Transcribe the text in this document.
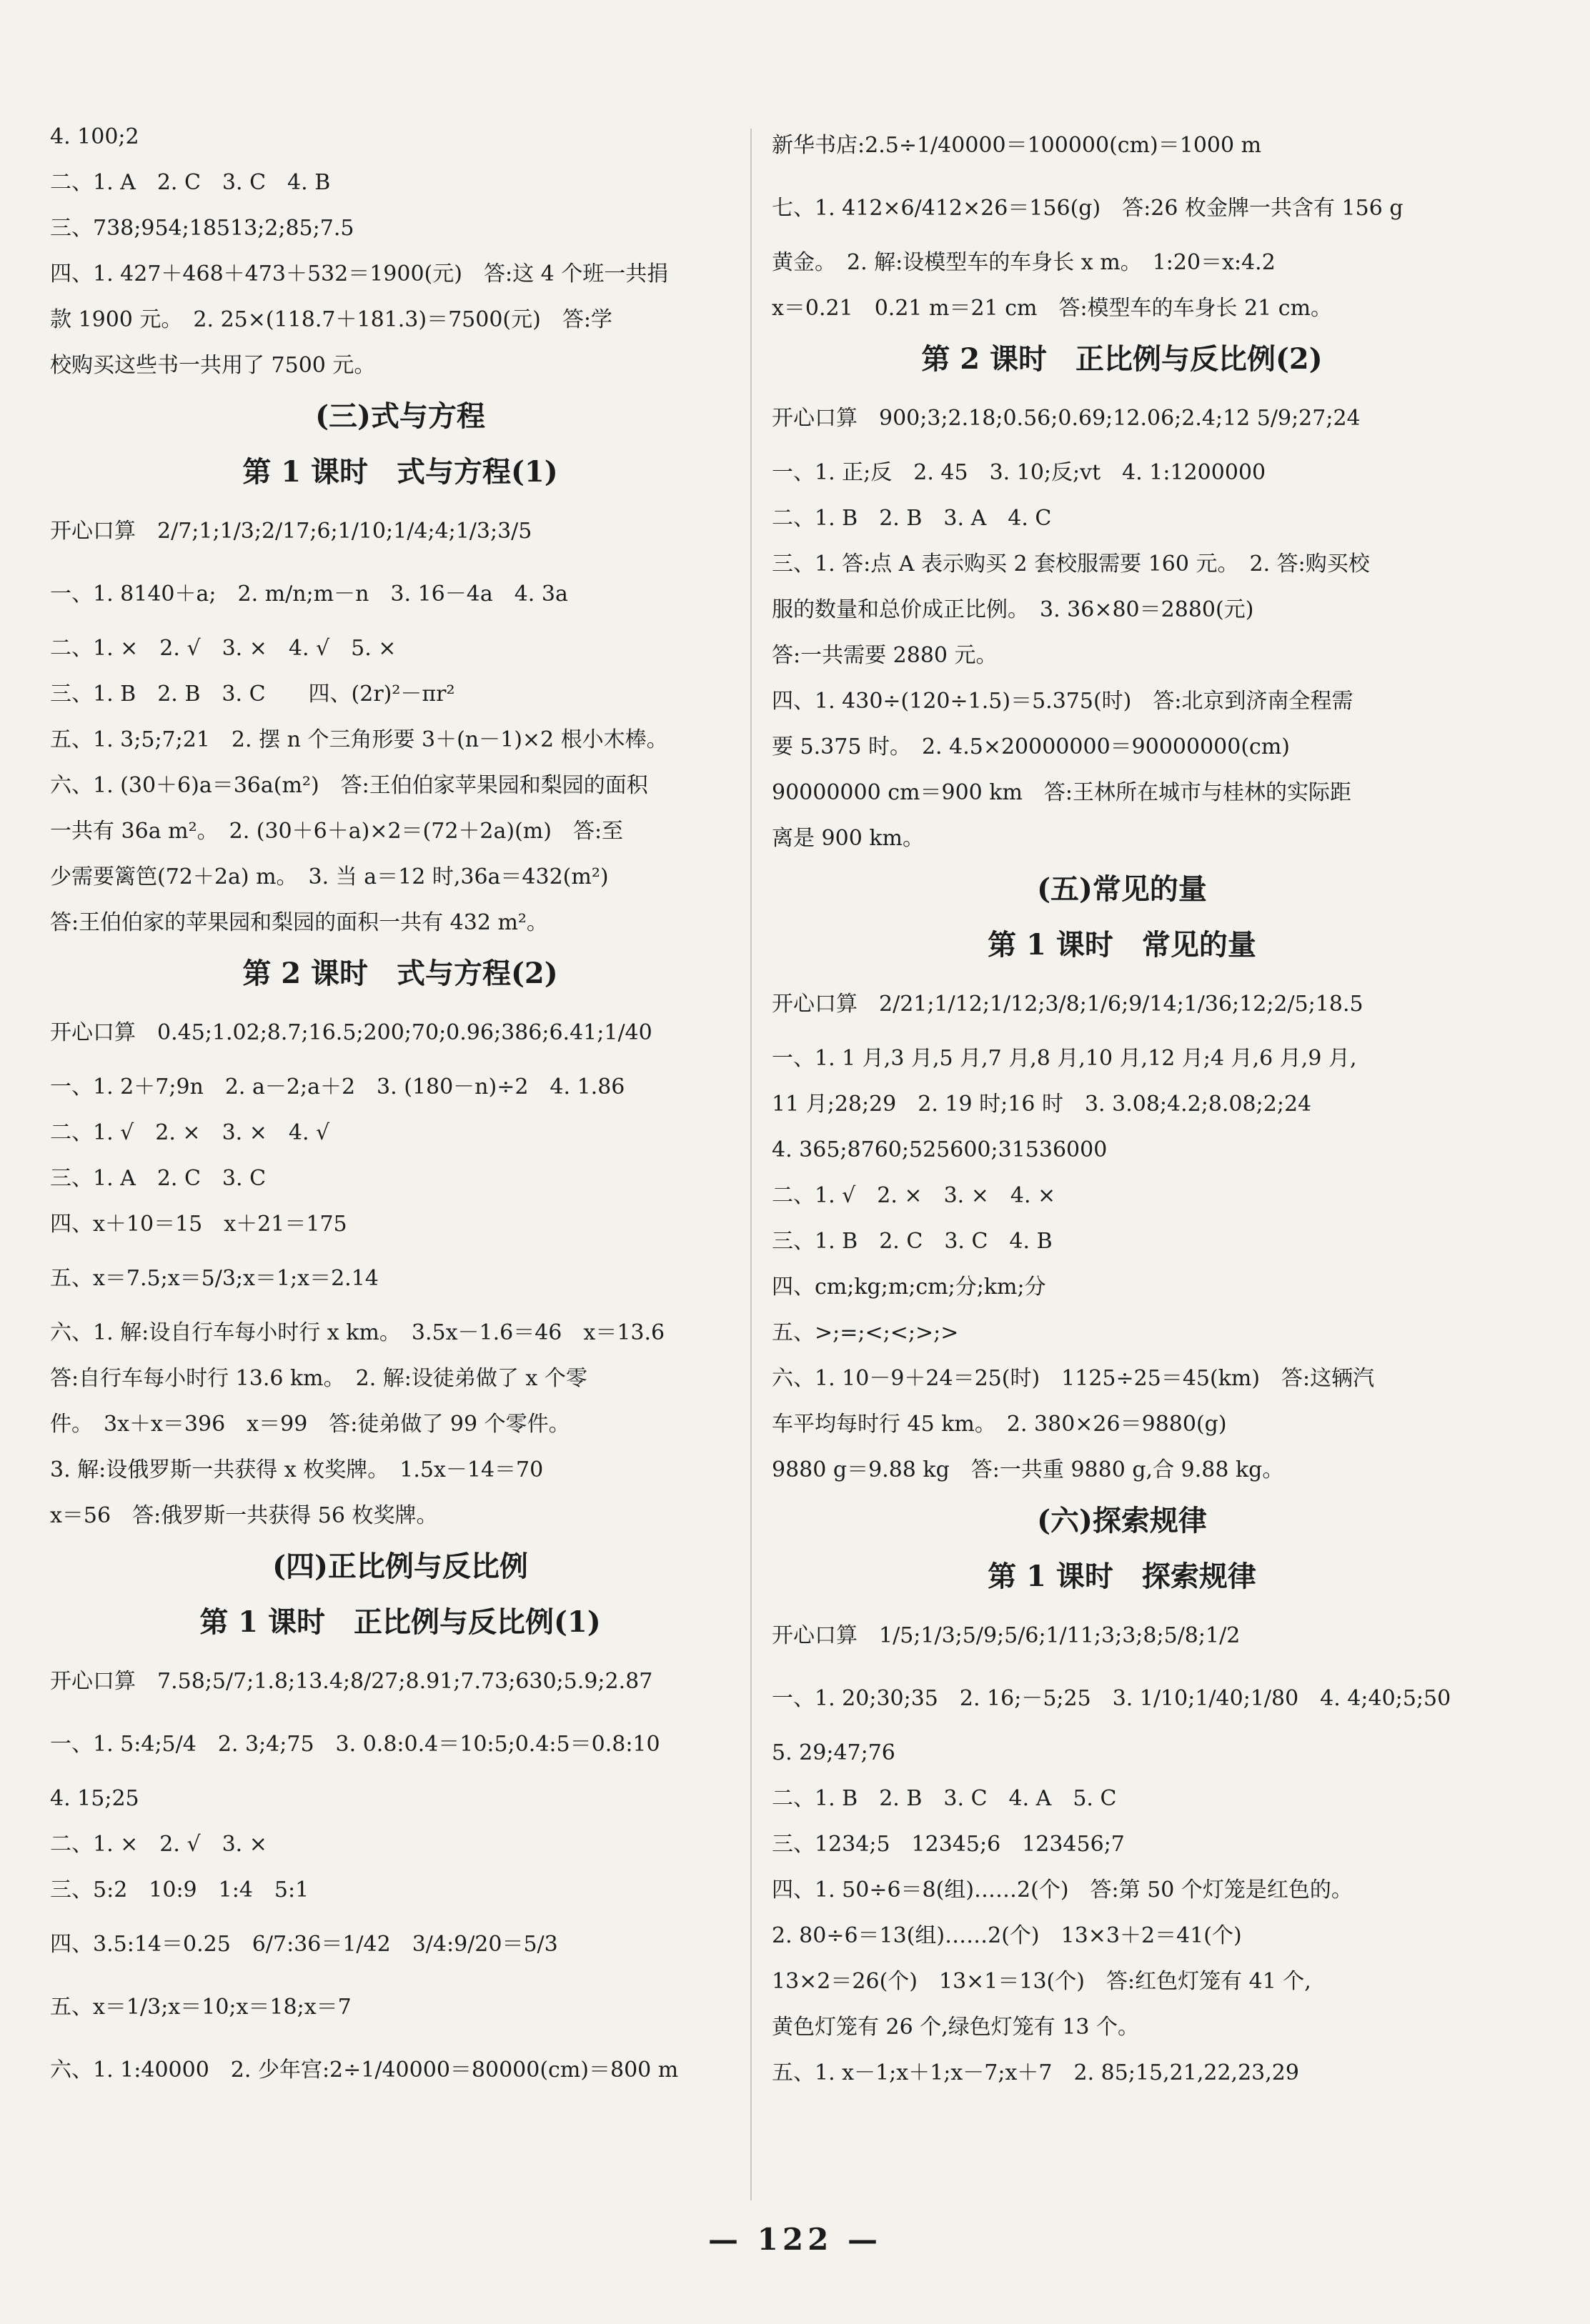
4. 100;2
二、1. A　2. C　3. C　4. B
三、738;954;18513;2;85;7.5
四、1. 427＋468＋473＋532＝1900(元)　答:这 4 个班一共捐
款 1900 元。　2. 25×(118.7＋181.3)＝7500(元)　答:学
校购买这些书一共用了 7500 元。
(三)式与方程
第 1 课时　式与方程(1)
开心口算　2/7;1;1/3;2/17;6;1/10;1/4;4;1/3;3/5
一、1. 8140＋a;　2. m/n;m－n　3. 16－4a　4. 3a
二、1. ×　2. √　3. ×　4. √　5. ×
三、1. B　2. B　3. C　　四、(2r)²－πr²
五、1. 3;5;7;21　2. 摆 n 个三角形要 3＋(n－1)×2 根小木棒。
六、1. (30＋6)a＝36a(m²)　答:王伯伯家苹果园和梨园的面积
一共有 36a m²。　2. (30＋6＋a)×2＝(72＋2a)(m)　答:至
少需要篱笆(72＋2a) m。　3. 当 a＝12 时,36a＝432(m²)
答:王伯伯家的苹果园和梨园的面积一共有 432 m²。
第 2 课时　式与方程(2)
开心口算　0.45;1.02;8.7;16.5;200;70;0.96;386;6.41;1/40
一、1. 2＋7;9n　2. a－2;a＋2　3. (180－n)÷2　4. 1.86
二、1. √　2. ×　3. ×　4. √
三、1. A　2. C　3. C
四、x＋10＝15　x＋21＝175
五、x＝7.5;x＝5/3;x＝1;x＝2.14
六、1. 解:设自行车每小时行 x km。　3.5x－1.6＝46　x＝13.6
答:自行车每小时行 13.6 km。　2. 解:设徒弟做了 x 个零
件。　3x＋x＝396　x＝99　答:徒弟做了 99 个零件。
3. 解:设俄罗斯一共获得 x 枚奖牌。　1.5x－14＝70
x＝56　答:俄罗斯一共获得 56 枚奖牌。
(四)正比例与反比例
第 1 课时　正比例与反比例(1)
开心口算　7.58;5/7;1.8;13.4;8/27;8.91;7.73;630;5.9;2.87
一、1. 5:4;5/4　2. 3;4;75　3. 0.8:0.4＝10:5;0.4:5＝0.8:10
4. 15;25
二、1. ×　2. √　3. ×
三、5:2　10:9　1:4　5:1
四、3.5:14＝0.25　6/7:36＝1/42　3/4:9/20＝5/3
五、x＝1/3;x＝10;x＝18;x＝7
六、1. 1:40000　2. 少年宫:2÷1/40000＝80000(cm)＝800 m
新华书店:2.5÷1/40000＝100000(cm)＝1000 m
七、1. 412×6/412×26＝156(g)　答:26 枚金牌一共含有 156 g
黄金。　2. 解:设模型车的车身长 x m。　1:20＝x:4.2
x＝0.21　0.21 m＝21 cm　答:模型车的车身长 21 cm。
第 2 课时　正比例与反比例(2)
开心口算　900;3;2.18;0.56;0.69;12.06;2.4;12 5/9;27;24
一、1. 正;反　2. 45　3. 10;反;vt　4. 1:1200000
二、1. B　2. B　3. A　4. C
三、1. 答:点 A 表示购买 2 套校服需要 160 元。　2. 答:购买校
服的数量和总价成正比例。　3. 36×80＝2880(元)
答:一共需要 2880 元。
四、1. 430÷(120÷1.5)＝5.375(时)　答:北京到济南全程需
要 5.375 时。　2. 4.5×20000000＝90000000(cm)
90000000 cm＝900 km　答:王林所在城市与桂林的实际距
离是 900 km。
(五)常见的量
第 1 课时　常见的量
开心口算　2/21;1/12;1/12;3/8;1/6;9/14;1/36;12;2/5;18.5
一、1. 1 月,3 月,5 月,7 月,8 月,10 月,12 月;4 月,6 月,9 月,
11 月;28;29　2. 19 时;16 时　3. 3.08;4.2;8.08;2;24
4. 365;8760;525600;31536000
二、1. √　2. ×　3. ×　4. ×
三、1. B　2. C　3. C　4. B
四、cm;kg;m;cm;分;km;分
五、>;=;<;<;>;>
六、1. 10－9＋24＝25(时)　1125÷25＝45(km)　答:这辆汽
车平均每时行 45 km。　2. 380×26＝9880(g)
9880 g＝9.88 kg　答:一共重 9880 g,合 9.88 kg。
(六)探索规律
第 1 课时　探索规律
开心口算　1/5;1/3;5/9;5/6;1/11;3;3;8;5/8;1/2
一、1. 20;30;35　2. 16;－5;25　3. 1/10;1/40;1/80　4. 4;40;5;50
5. 29;47;76
二、1. B　2. B　3. C　4. A　5. C
三、1234;5　12345;6　123456;7
四、1. 50÷6＝8(组)……2(个)　答:第 50 个灯笼是红色的。
2. 80÷6＝13(组)……2(个)　13×3＋2＝41(个)
13×2＝26(个)　13×1＝13(个)　答:红色灯笼有 41 个,
黄色灯笼有 26 个,绿色灯笼有 13 个。
五、1. x－1;x＋1;x－7;x＋7　2. 85;15,21,22,23,29
— 122 —
